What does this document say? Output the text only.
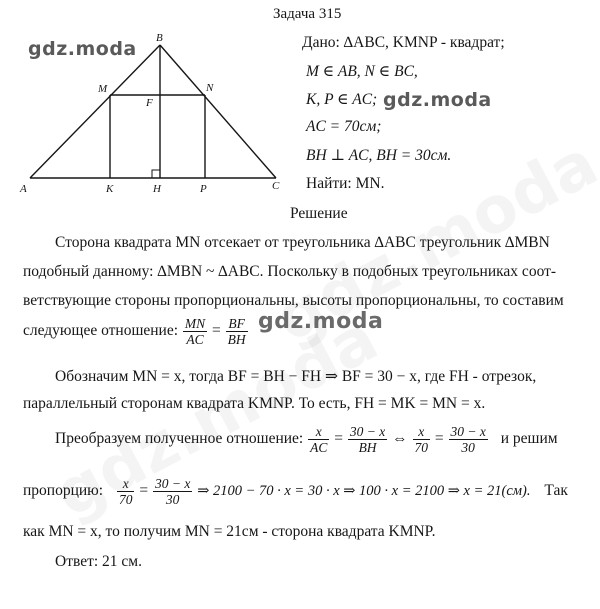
Задача 315
B
M	N
F
A	K	H	P	C
gdz.moda
gdz.moda
gdz.moda
Дано: ∆ABC, KMNP - квадрат;
M ∈ AB, N ∈ BC,
K, P ∈ AC;
AC = 70см;
BH ⊥ AC, BH = 30см.
Найти: MN.
Решение
Сторона квадрата MN отсекает от треугольника ∆ABC треугольник ∆MBN
подобный данному: ∆MBN ~ ∆ABC. Поскольку в подобных треугольниках соот-
ветствующие стороны пропорциональны, высоты пропорциональны, то составим
следующее отношение: $\frac{MN}{AC} = \frac{BF}{BH}$
Обозначим MN = x, тогда BF = BH − FH ⇒ BF = 30 − x, где FH - отрезок,
параллельный сторонам квадрата KMNP. То есть, FH = MK = MN = x.
Преобразуем полученное отношение: $\frac{x}{AC} = \frac{30 - x}{BH}$ ⇔ $\frac{x}{70} = \frac{30 - x}{30}$ и решим
пропорцию: $\frac{x}{70} = \frac{30 - x}{30}$ ⇒ 2100 − 70 · x = 30 · x ⇒ 100 · x = 2100 ⇒ x = 21(см). Так
как MN = x, то получим MN = 21см - сторона квадрата KMNP.
Ответ: 21 см.
